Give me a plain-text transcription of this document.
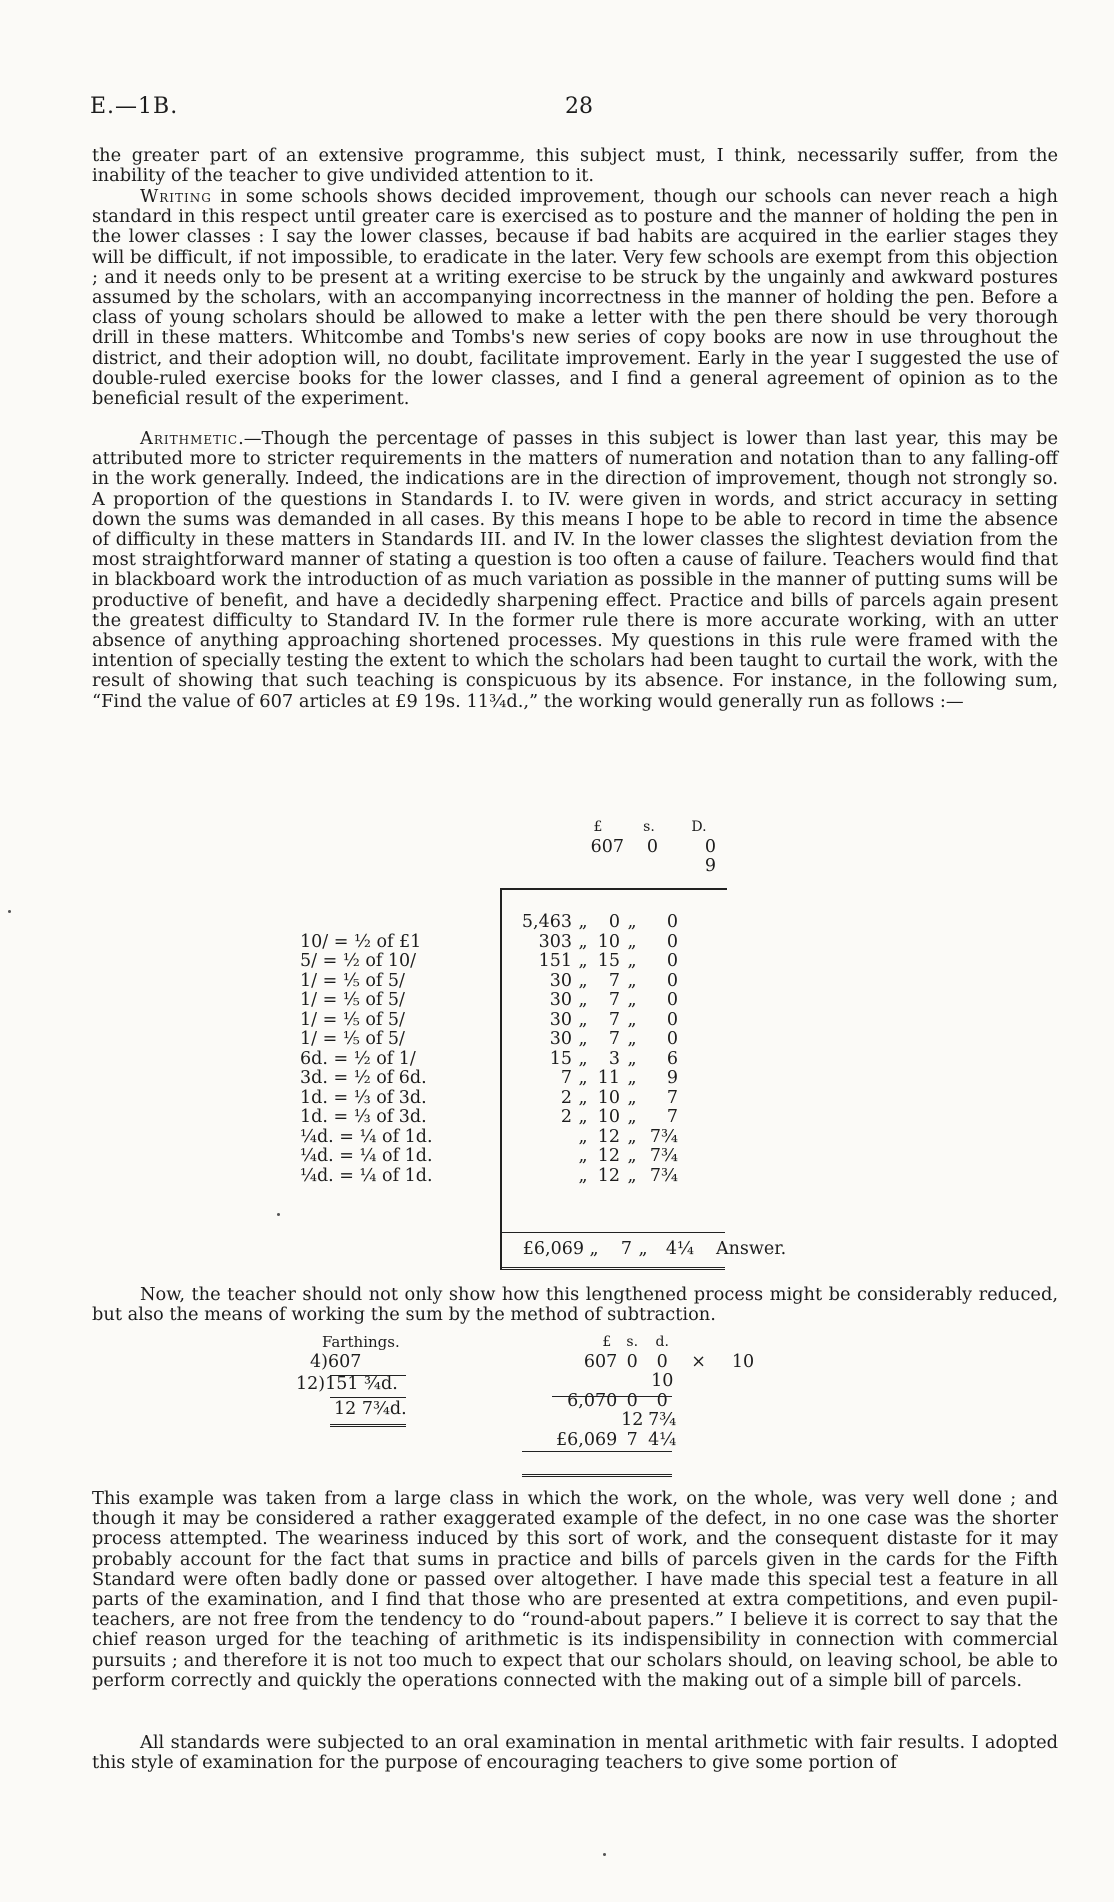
E.—1B.	28

the greater part of an extensive programme, this subject must, I think, necessarily suffer, from the inability of the teacher to give undivided attention to it.

Writing in some schools shows decided improvement, though our schools can never reach a high standard in this respect until greater care is exercised as to posture and the manner of holding the pen in the lower classes : I say the lower classes, because if bad habits are acquired in the earlier stages they will be difficult, if not impossible, to eradicate in the later. Very few schools are exempt from this objection ; and it needs only to be present at a writing exercise to be struck by the ungainly and awkward postures assumed by the scholars, with an accompanying incorrectness in the manner of holding the pen. Before a class of young scholars should be allowed to make a letter with the pen there should be very thorough drill in these matters. Whitcombe and Tombs's new series of copy books are now in use throughout the district, and their adoption will, no doubt, facilitate improvement. Early in the year I suggested the use of double-ruled exercise books for the lower classes, and I find a general agreement of opinion as to the beneficial result of the experiment.

Arithmetic.—Though the percentage of passes in this subject is lower than last year, this may be attributed more to stricter requirements in the matters of numeration and notation than to any falling-off in the work generally. Indeed, the indications are in the direction of improvement, though not strongly so. A proportion of the questions in Standards I. to IV. were given in words, and strict accuracy in setting down the sums was demanded in all cases. By this means I hope to be able to record in time the absence of difficulty in these matters in Standards III. and IV. In the lower classes the slightest deviation from the most straightforward manner of stating a question is too often a cause of failure. Teachers would find that in blackboard work the introduction of as much variation as possible in the manner of putting sums will be productive of benefit, and have a decidedly sharpening effect. Practice and bills of parcels again present the greatest difficulty to Standard IV. In the former rule there is more accurate working, with an utter absence of anything approaching shortened processes. My questions in this rule were framed with the intention of specially testing the extent to which the scholars had been taught to curtail the work, with the result of showing that such teaching is conspicuous by its absence. For instance, in the following sum, “Find the value of 607 articles at £9 19s. 11¾d.,” the working would generally run as follows :—

£	s.	D.
607	0	0
		9
	5,463	„	0	„	0
10/ = ½ of £1	303	„	10	„	0
5/ = ½ of 10/	151	„	15	„	0
1/ = ⅕ of 5/	30	„	7	„	0
1/ = ⅕ of 5/	30	„	7	„	0
1/ = ⅕ of 5/	30	„	7	„	0
1/ = ⅕ of 5/	30	„	7	„	0
6d. = ½ of 1/	15	„	3	„	6
3d. = ½ of 6d.	7	„	11	„	9
1d. = ⅓ of 3d.	2	„	10	„	7
1d. = ⅓ of 3d.	2	„	10	„	7
¼d. = ¼ of 1d.		„	12	„	7¾
¼d. = ¼ of 1d.		„	12	„	7¾
¼d. = ¼ of 1d.		„	12	„	7¾
£6,069	„	7	„	4¼	Answer.

Now, the teacher should not only show how this lengthened process might be considerably reduced, but also the means of working the sum by the method of subtraction.

Farthings.
4)607
12)151 ¾d.
12 7¾d.
£	s.	d.	
607	0	0	× 10
		10	
6,070	0	0	
	12	7¾	
£6,069	7	4¼	

This example was taken from a large class in which the work, on the whole, was very well done ; and though it may be considered a rather exaggerated example of the defect, in no one case was the shorter process attempted. The weariness induced by this sort of work, and the consequent distaste for it may probably account for the fact that sums in practice and bills of parcels given in the cards for the Fifth Standard were often badly done or passed over altogether. I have made this special test a feature in all parts of the examination, and I find that those who are presented at extra competitions, and even pupil-teachers, are not free from the tendency to do “round-about papers.” I believe it is correct to say that the chief reason urged for the teaching of arithmetic is its indispensibility in connection with commercial pursuits ; and therefore it is not too much to expect that our scholars should, on leaving school, be able to perform correctly and quickly the operations connected with the making out of a simple bill of parcels.

All standards were subjected to an oral examination in mental arithmetic with fair results. I adopted this style of examination for the purpose of encouraging teachers to give some portion of
